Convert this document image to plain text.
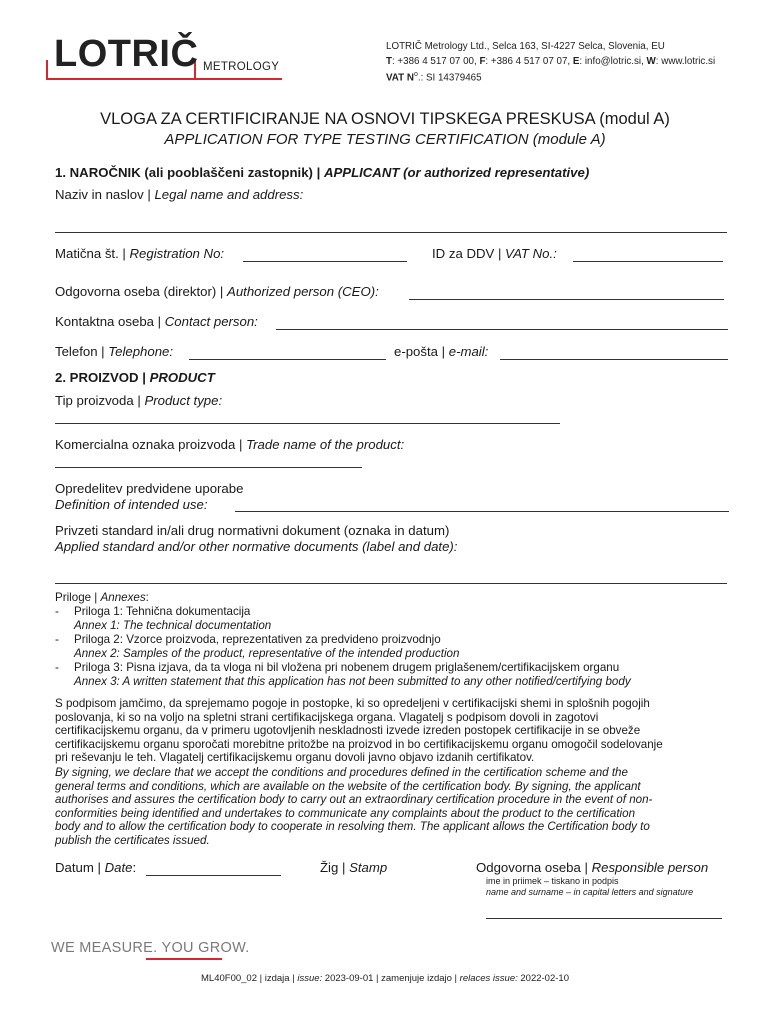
LOTRIČ METROLOGY
LOTRIČ Metrology Ltd., Selca 163, SI-4227 Selca, Slovenia, EU
T: +386 4 517 07 00, F: +386 4 517 07 07, E: info@lotric.si, W: www.lotric.si
VAT $N^o$.: SI 14379465
VLOGA ZA CERTIFICIRANJE NA OSNOVI TIPSKEGA PRESKUSA (modul A)
APPLICATION FOR TYPE TESTING CERTIFICATION (module A)
1. NAROČNIK (ali pooblaščeni zastopnik) | APPLICANT (or authorized representative)
Naziv in naslov | Legal name and address:
Matična št. | Registration No:	ID za DDV | VAT No.:
Odgovorna oseba (direktor) | Authorized person (CEO):
Kontaktna oseba | Contact person:
Telefon | Telephone:	e-pošta | e-mail:
2. PROIZVOD | PRODUCT
Tip proizvoda | Product type:
Komercialna oznaka proizvoda | Trade name of the product:
Opredelitev predvidene uporabe
Definition of intended use:
Privzeti standard in/ali drug normativni dokument (oznaka in datum)
Applied standard and/or other normative documents (label and date):
Priloge | Annexes:
- Priloga 1: Tehnična dokumentacija
Annex 1: The technical documentation
- Priloga 2: Vzorce proizvoda, reprezentativen za predvideno proizvodnjo
Annex 2: Samples of the product, representative of the intended production
- Priloga 3: Pisna izjava, da ta vloga ni bil vložena pri nobenem drugem priglašenem/certifikacijskem organu
Annex 3: A written statement that this application has not been submitted to any other notified/certifying body
S podpisom jamčimo, da sprejemamo pogoje in postopke, ki so opredeljeni v certifikacijski shemi in splošnih pogojih
poslovanja, ki so na voljo na spletni strani certifikacijskega organa. Vlagatelj s podpisom dovoli in zagotovi
certifikacijskemu organu, da v primeru ugotovljenih neskladnosti izvede izreden postopek certifikacije in se obveže
certifikacijskemu organu sporočati morebitne pritožbe na proizvod in bo certifikacijskemu organu omogočil sodelovanje
pri reševanju le teh. Vlagatelj certifikacijskemu organu dovoli javno objavo izdanih certifikatov.
By signing, we declare that we accept the conditions and procedures defined in the certification scheme and the
general terms and conditions, which are available on the website of the certification body. By signing, the applicant
authorises and assures the certification body to carry out an extraordinary certification procedure in the event of non-
conformities being identified and undertakes to communicate any complaints about the product to the certification
body and to allow the certification body to cooperate in resolving them. The applicant allows the Certification body to
publish the certificates issued.
Datum | Date:	Žig | Stamp	Odgovorna oseba | Responsible person
ime in priimek – tiskano in podpis
name and surname – in capital letters and signature
WE MEASURE. YOU GROW.
ML40F00_02 | izdaja | issue: 2023-09-01 | zamenjuje izdajo | relaces issue: 2022-02-10
